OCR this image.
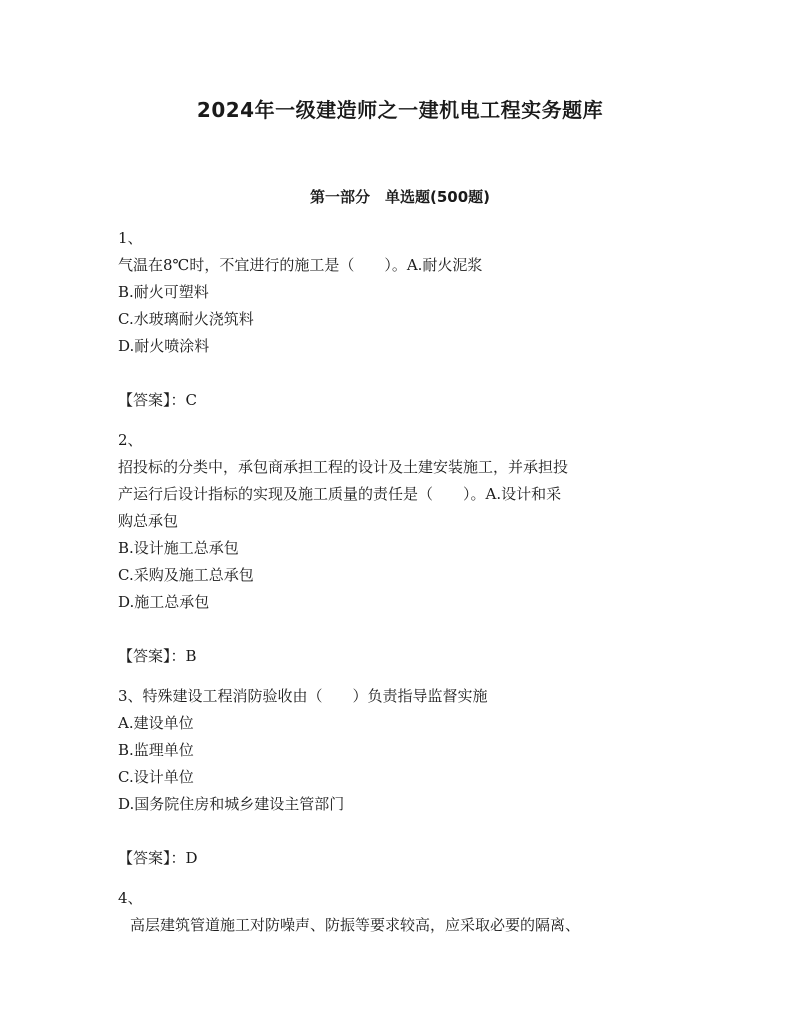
2024年一级建造师之一建机电工程实务题库
第一部分　单选题(500题)
1、
气温在8℃时，不宜进行的施工是（　　）。A.耐火泥浆
B.耐火可塑料
C.水玻璃耐火浇筑料
D.耐火喷涂料
【答案】：C
2、
招投标的分类中，承包商承担工程的设计及土建安装施工，并承担投
产运行后设计指标的实现及施工质量的责任是（　　）。A.设计和采
购总承包
B.设计施工总承包
C.采购及施工总承包
D.施工总承包
【答案】：B
3、特殊建设工程消防验收由（　　）负责指导监督实施
A.建设单位
B.监理单位
C.设计单位
D.国务院住房和城乡建设主管部门
【答案】：D
4、
高层建筑管道施工对防噪声、防振等要求较高，应采取必要的隔离、
